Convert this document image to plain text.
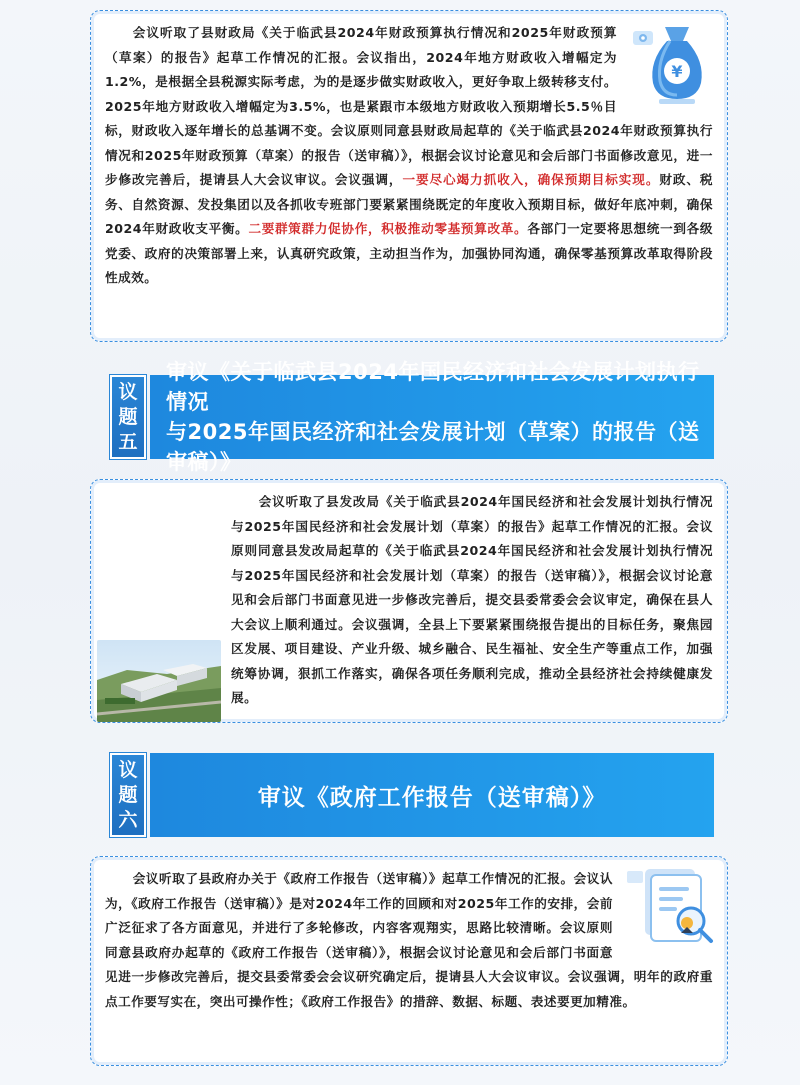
¥

会议听取了县财政局《关于临武县2024年财政预算执行情况和2025年财政预算（草案）的报告》起草工作情况的汇报。会议指出，2024年地方财政收入增幅定为1.2%，是根据全县税源实际考虑，为的是逐步做实财政收入，更好争取上级转移支付。2025年地方财政收入增幅定为3.5%，也是紧跟市本级地方财政收入预期增长5.5％目标，财政收入逐年增长的总基调不变。会议原则同意县财政局起草的《关于临武县2024年财政预算执行情况和2025年财政预算（草案）的报告（送审稿）》，根据会议讨论意见和会后部门书面修改意见，进一步修改完善后，提请县人大会议审议。会议强调，一要尽心竭力抓收入，确保预期目标实现。财政、税务、自然资源、发投集团以及各抓收专班部门要紧紧围绕既定的年度收入预期目标，做好年底冲刺，确保2024年财政收支平衡。二要群策群力促协作，积极推动零基预算改革。各部门一定要将思想统一到各级党委、政府的决策部署上来，认真研究政策，主动担当作为，加强协同沟通，确保零基预算改革取得阶段性成效。

议
题
五
审议《关于临武县2024年国民经济和社会发展计划执行情况
与2025年国民经济和社会发展计划（草案）的报告（送审稿）》

会议听取了县发改局《关于临武县2024年国民经济和社会发展计划执行情况与2025年国民经济和社会发展计划（草案）的报告》起草工作情况的汇报。会议原则同意县发改局起草的《关于临武县2024年国民经济和社会发展计划执行情况与2025年国民经济和社会发展计划（草案）的报告（送审稿）》，根据会议讨论意见和会后部门书面意见进一步修改完善后，提交县委常委会会议审定，确保在县人大会议上顺利通过。会议强调，全县上下要紧紧围绕报告提出的目标任务，聚焦园区发展、项目建设、产业升级、城乡融合、民生福祉、安全生产等重点工作，加强统筹协调，狠抓工作落实，确保各项任务顺利完成，推动全县经济社会持续健康发展。

议
题
六
审议《政府工作报告（送审稿）》

会议听取了县政府办关于《政府工作报告（送审稿）》起草工作情况的汇报。会议认为，《政府工作报告（送审稿）》是对2024年工作的回顾和对2025年工作的安排，会前广泛征求了各方面意见，并进行了多轮修改，内容客观翔实，思路比较清晰。会议原则同意县政府办起草的《政府工作报告（送审稿）》，根据会议讨论意见和会后部门书面意见进一步修改完善后，提交县委常委会会议研究确定后，提请县人大会议审议。会议强调，明年的政府重点工作要写实在，突出可操作性；《政府工作报告》的措辞、数据、标题、表述要更加精准。
